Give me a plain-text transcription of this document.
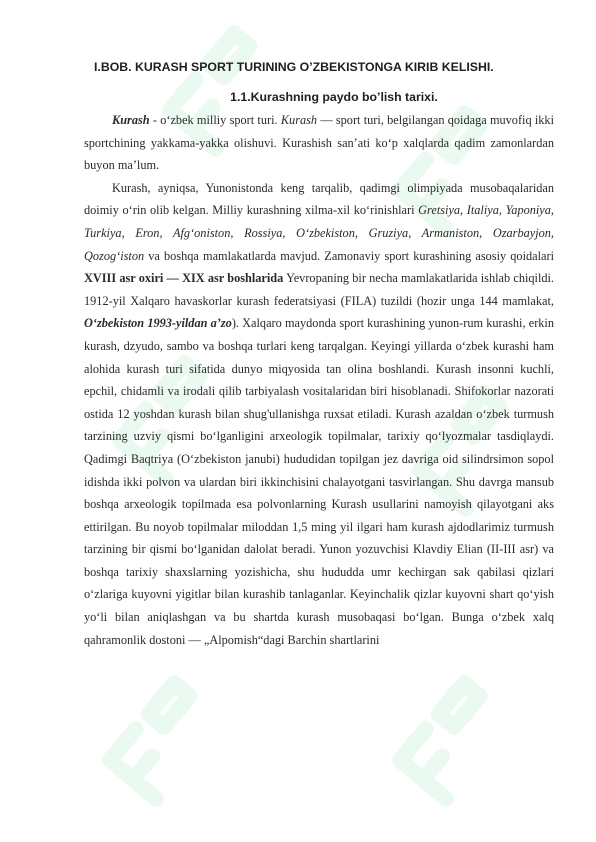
I.BOB. KURASH SPORT TURINING O’ZBEKISTONGA KIRIB KELISHI.
1.1.Kurashning paydo bo’lish tarixi.

Kurash - o‘zbek milliy sport turi. Kurash — sport turi, belgilangan qoidaga muvofiq ikki sportchining yakkama-yakka olishuvi. Kurashish san’ati ko‘p xalqlarda qadim zamonlardan buyon ma’lum.

Kurash, ayniqsa, Yunonistonda keng tarqalib, qadimgi olimpiyada musobaqalaridan doimiy o‘rin olib kelgan. Milliy kurashning xilma-xil ko‘rinishlari Gretsiya, Italiya, Yaponiya, Turkiya, Eron, Afg‘oniston, Rossiya, O‘zbekiston, Gruziya, Armaniston, Ozarbayjon, Qozog‘iston va boshqa mamlakatlarda mavjud. Zamonaviy sport kurashining asosiy qoidalari XVIII asr oxiri — XIX asr boshlarida Yevropaning bir necha mamlakatlarida ishlab chiqildi. 1912-yil Xalqaro havaskorlar kurash federatsiyasi (FILA) tuzildi (hozir unga 144 mamlakat, O‘zbekiston 1993-yildan a’zo). Xalqaro maydonda sport kurashining yunon-rum kurashi, erkin kurash, dzyudo, sambo va boshqa turlari keng tarqalgan. Keyingi yillarda o‘zbek kurashi ham alohida kurash turi sifatida dunyo miqyosida tan olina boshlandi. Kurash insonni kuchli, epchil, chidamli va irodali qilib tarbiyalash vositalaridan biri hisoblanadi. Shifokorlar nazorati ostida 12 yoshdan kurash bilan shug'ullanishga ruxsat etiladi. Kurash azaldan o‘zbek turmush tarzining uzviy qismi bo‘lganligini arxeologik topilmalar, tarixiy qo‘lyozmalar tasdiqlaydi. Qadimgi Baqtriya (O‘zbekiston janubi) hududidan topilgan jez davriga oid silindrsimon sopol idishda ikki polvon va ulardan biri ikkinchisini chalayotgani tasvirlangan. Shu davrga mansub boshqa arxeologik topilmada esa polvonlarning Kurash usullarini namoyish qilayotgani aks ettirilgan. Bu noyob topilmalar miloddan 1,5 ming yil ilgari ham kurash ajdodlarimiz turmush tarzining bir qismi bo‘lganidan dalolat beradi. Yunon yozuvchisi Klavdiy Elian (II-III asr) va boshqa tarixiy shaxslarning yozishicha, shu hududda umr kechirgan sak qabilasi qizlari o‘zlariga kuyovni yigitlar bilan kurashib tanlaganlar. Keyinchalik qizlar kuyovni shart qo‘yish yo‘li bilan aniqlashgan va bu shartda kurash musobaqasi bo‘lgan. Bunga o‘zbek xalq qahramonlik dostoni — „Alpomish“dagi Barchin shartlarini
